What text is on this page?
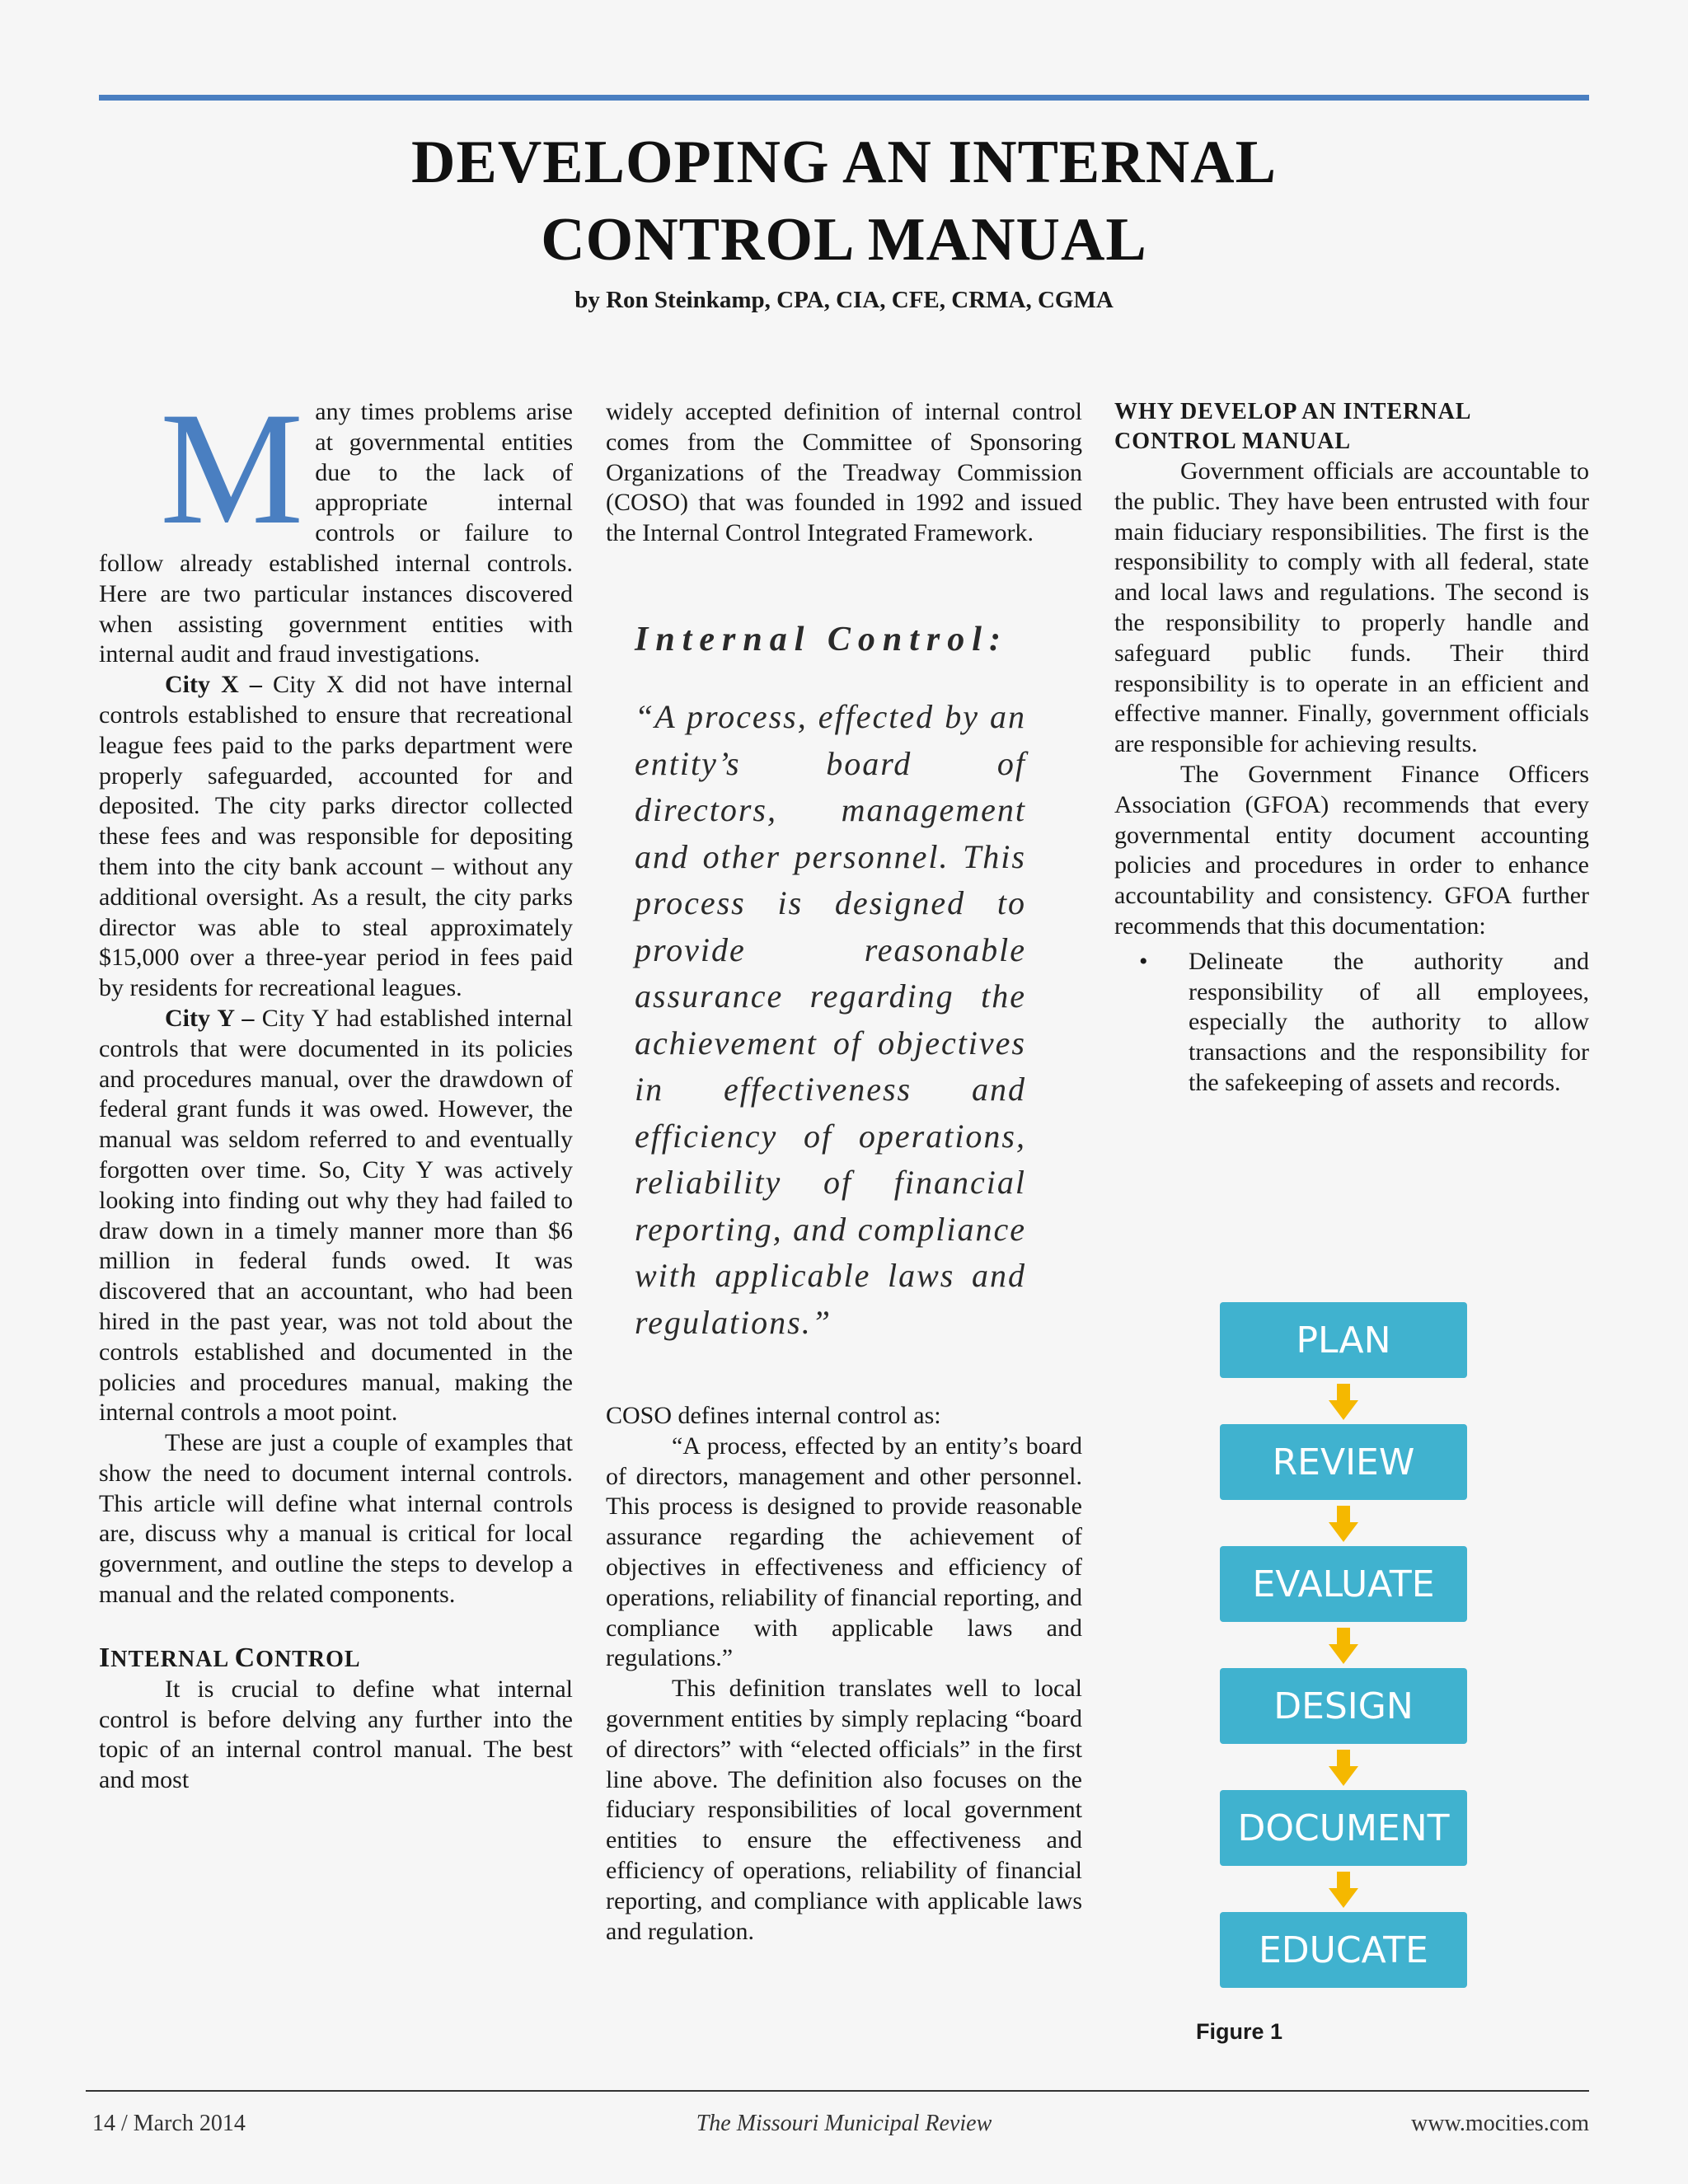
DEVELOPING AN INTERNAL
CONTROL MANUAL
by Ron Steinkamp, CPA, CIA, CFE, CRMA, CGMA

Many times problems arise at governmental entities due to the lack of appropriate internal controls or failure to follow already established internal controls. Here are two particular instances discovered when assisting government entities with internal audit and fraud investigations.

City X – City X did not have internal controls established to ensure that recreational league fees paid to the parks department were properly safeguarded, accounted for and deposited. The city parks director collected these fees and was responsible for depositing them into the city bank account – without any additional oversight. As a result, the city parks director was able to steal approximately $15,000 over a three-year period in fees paid by residents for recreational leagues.

City Y – City Y had established internal controls that were documented in its policies and procedures manual, over the drawdown of federal grant funds it was owed. However, the manual was seldom referred to and eventually forgotten over time. So, City Y was actively looking into finding out why they had failed to draw down in a timely manner more than $6 million in federal funds owed. It was discovered that an accountant, who had been hired in the past year, was not told about the controls established and documented in the policies and procedures manual, making the internal controls a moot point.

These are just a couple of examples that show the need to document internal controls. This article will define what internal controls are, discuss why a manual is critical for local government, and outline the steps to develop a manual and the related components.

INTERNAL CONTROL

It is crucial to define what internal control is before delving any further into the topic of an internal control manual. The best and most

widely accepted definition of internal control comes from the Committee of Sponsoring Organizations of the Treadway Commission (COSO) that was founded in 1992 and issued the Internal Control Integrated Framework.

Internal Control:
“A process, effected by an entity’s board of directors, management and other personnel. This process is designed to provide reasonable assurance regarding the achievement of objectives in effectiveness and efficiency of operations, reliability of financial reporting, and compliance with applicable laws and regulations.”

COSO defines internal control as:

“A process, effected by an entity’s board of directors, management and other personnel. This process is designed to provide reasonable assurance regarding the achievement of objectives in effectiveness and efficiency of operations, reliability of financial reporting, and compliance with applicable laws and regulations.”

This definition translates well to local government entities by simply replacing “board of directors” with “elected officials” in the first line above. The definition also focuses on the fiduciary responsibilities of local government entities to ensure the effectiveness and efficiency of operations, reliability of financial reporting, and compliance with applicable laws and regulation.

WHY DEVELOP AN INTERNAL
CONTROL MANUAL

Government officials are accountable to the public. They have been entrusted with four main fiduciary responsibilities. The first is the responsibility to comply with all federal, state and local laws and regulations. The second is the responsibility to properly handle and safeguard public funds. Their third responsibility is to operate in an efficient and effective manner. Finally, government officials are responsible for achieving results.

The Government Finance Officers Association (GFOA) recommends that every governmental entity document accounting policies and procedures in order to enhance accountability and consistency. GFOA further recommends that this documentation:

• Delineate the authority and responsibility of all employees, especially the authority to allow transactions and the responsibility for the safekeeping of assets and records.
PLAN
REVIEW
EVALUATE
DESIGN
DOCUMENT
EDUCATE
Figure 1
14 / March 2014	The Missouri Municipal Review	www.mocities.com
